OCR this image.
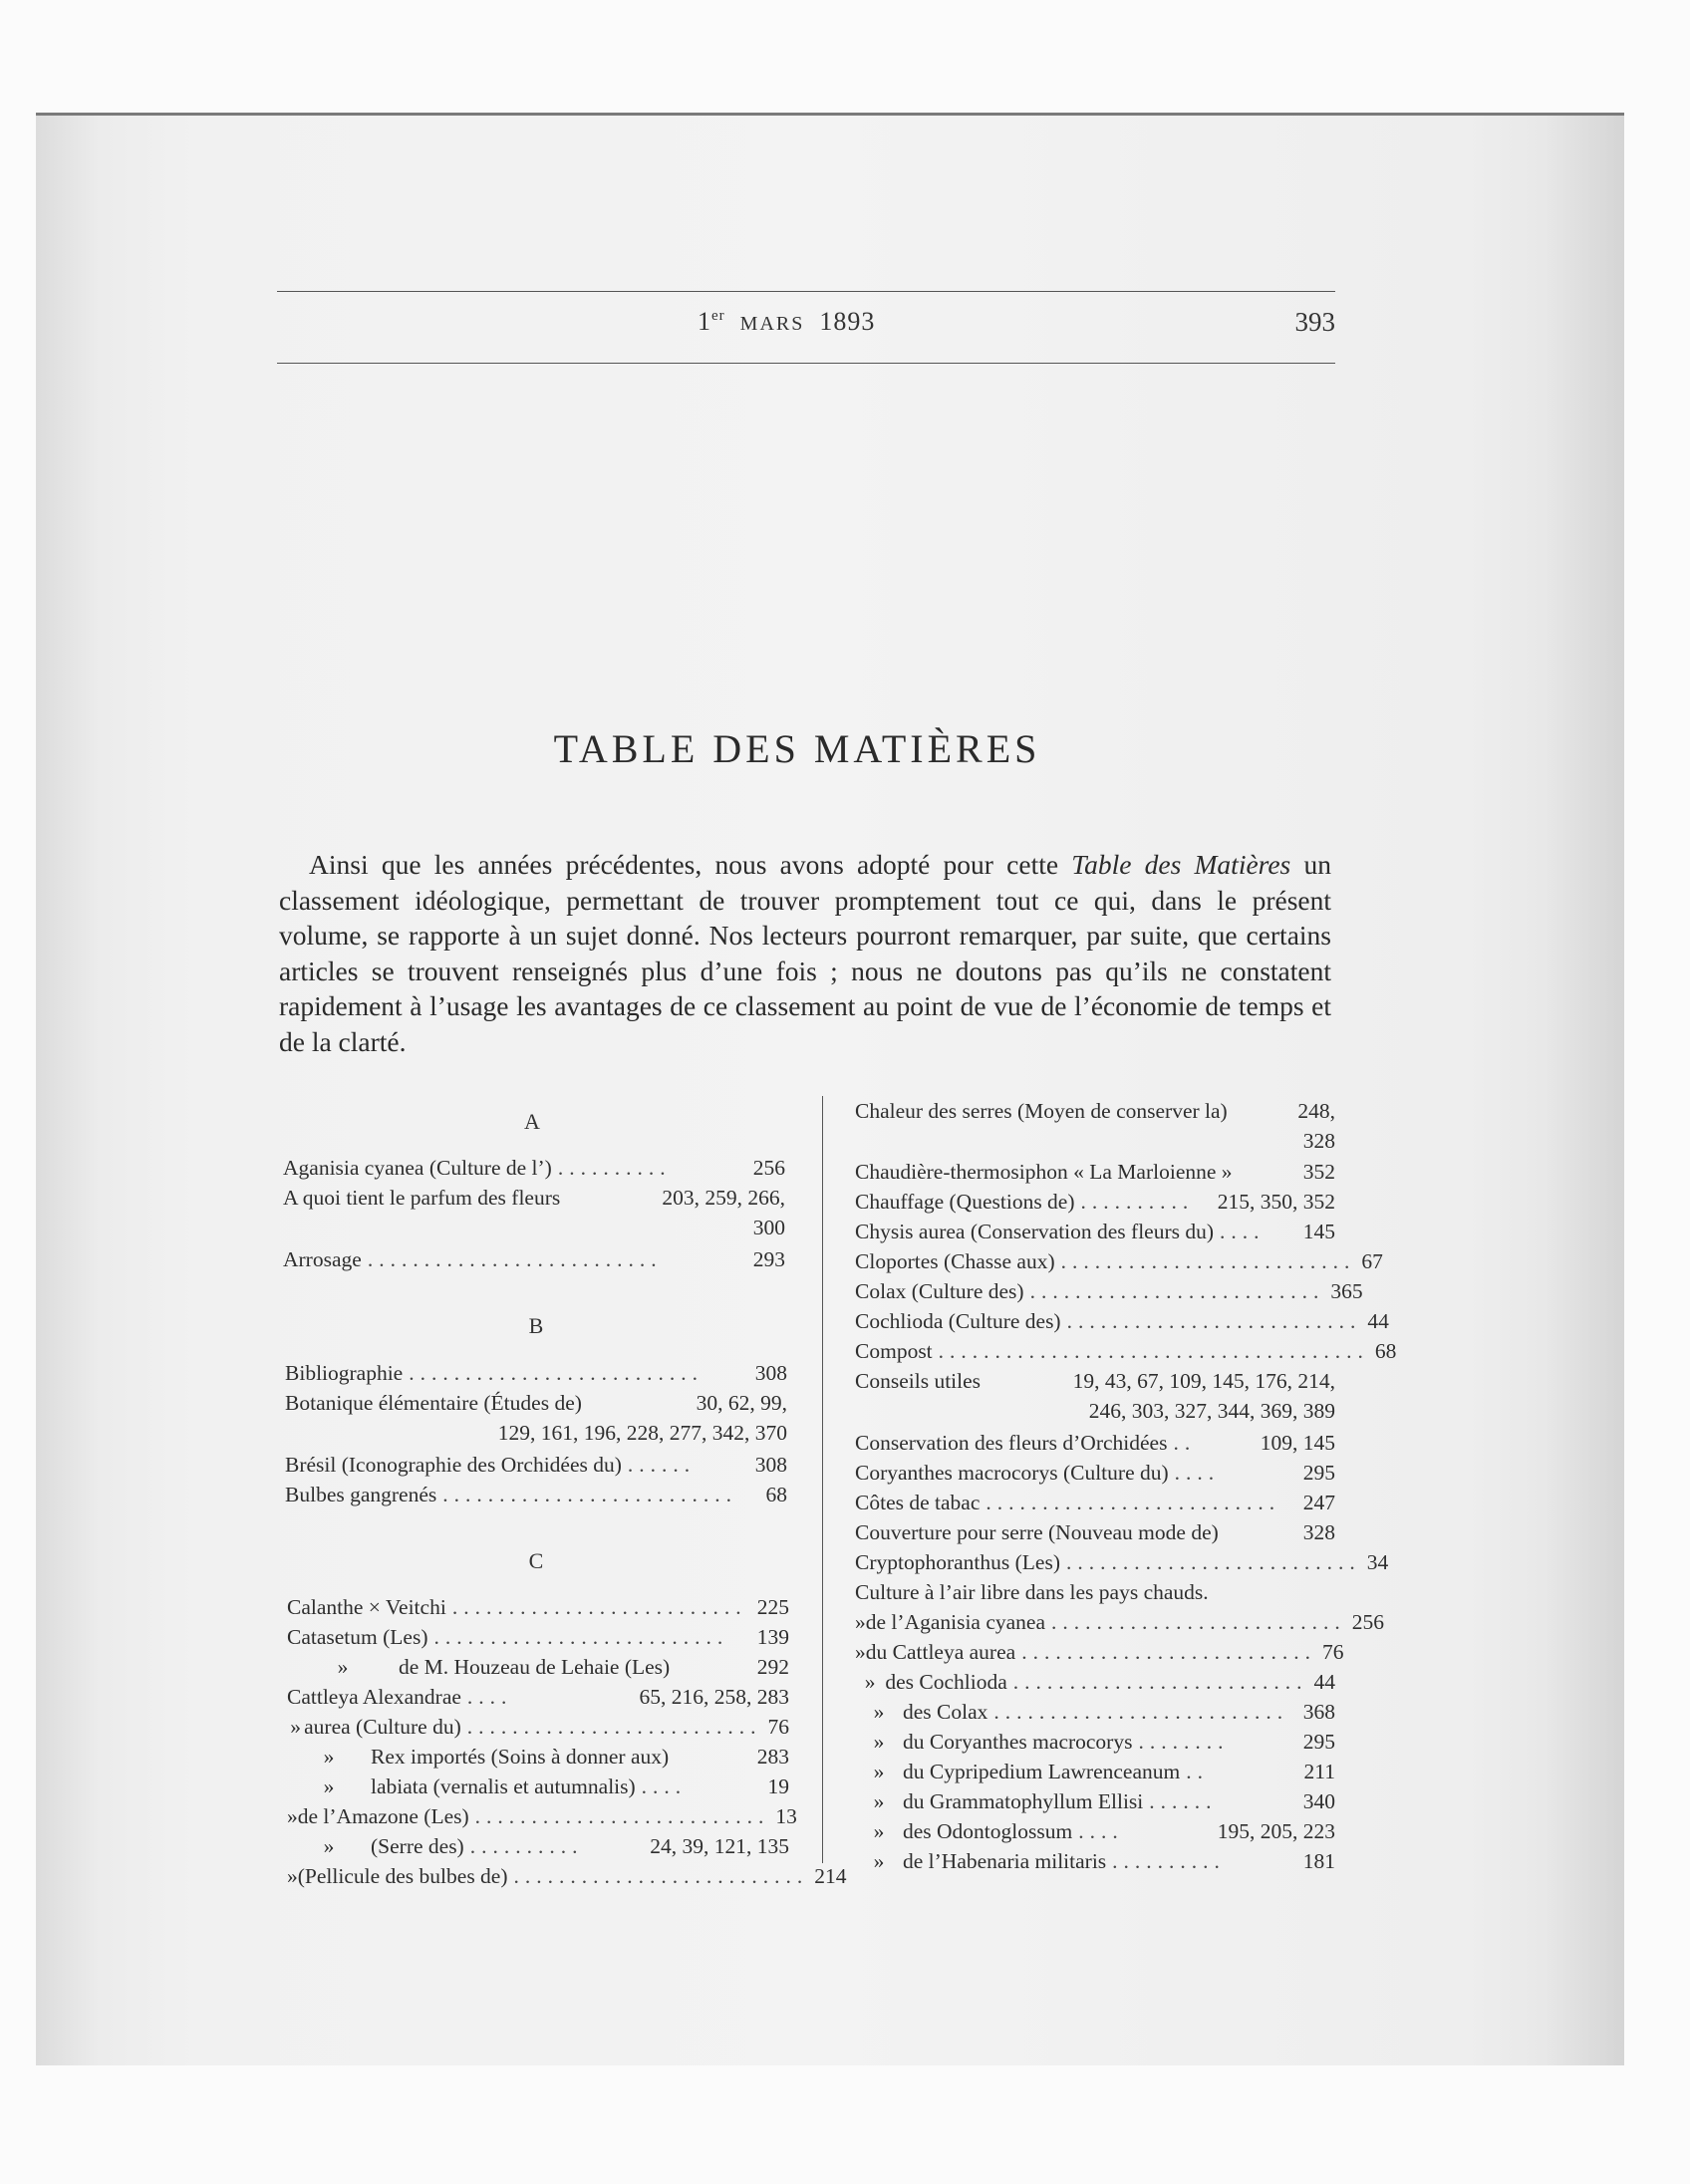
1er MARS 1893	393
TABLE DES MATIÈRES
Ainsi que les années précédentes, nous avons adopté pour cette Table des Matières un classement idéologique, permettant de trouver promptement tout ce qui, dans le présent volume, se rapporte à un sujet donné. Nos lecteurs pourront remarquer, par suite, que certains articles se trouvent renseignés plus d’une fois ; nous ne doutons pas qu’ils ne constatent rapidement à l’usage les avantages de ce classement au point de vue de l’économie de temps et de la clarté.
A
Aganisia cyanea (Culture de l’) ..........	256
A quoi tient le parfum des fleurs	203, 259, 266,
300
Arrosage ..........................	293
B
Bibliographie ..........................	308
Botanique élémentaire (Études de)	30, 62, 99,
129, 161, 196, 228, 277, 342, 370
Brésil (Iconographie des Orchidées du) ......	308
Bulbes gangrenés ..........................	68
C
Calanthe × Veitchi .......................... 225
Catasetum (Les) ..........................	139
»	de M. Houzeau de Lehaie (Les)	292
Cattleya Alexandrae ....	65, 216, 258, 283
» aurea (Culture du) .......................... 76
»	Rex importés (Soins à donner aux)	283
»	labiata (vernalis et autumnalis) ....	19
» de l’Amazone (Les) .......................... 13
»	(Serre des) ..........	24, 39, 121, 135
» (Pellicule des bulbes de) .......................... 214
Chaleur des serres (Moyen de conserver la)	248,
328
Chaudière-thermosiphon « La Marloienne »	352
Chauffage (Questions de) ..........	215, 350, 352
Chysis aurea (Conservation des fleurs du) ....	145
Cloportes (Chasse aux) .......................... 67
Colax (Culture des) .......................... 365
Cochlioda (Culture des) .......................... 44
Compost ...................................... 68
Conseils utiles	19, 43, 67, 109, 145, 176, 214,
246, 303, 327, 344, 369, 389
Conservation des fleurs d’Orchidées ..	109, 145
Coryanthes macrocorys (Culture du) ....	295
Côtes de tabac ..........................	247
Couverture pour serre (Nouveau mode de)	328
Cryptophoranthus (Les) .......................... 34
Culture à l’air libre dans les pays chauds.
» de l’Aganisia cyanea .......................... 256
» du Cattleya aurea .......................... 76
» des Cochlioda .......................... 44
» des Colax .......................... 368
» du Coryanthes macrocorys ........	295
» du Cypripedium Lawrenceanum ..	211
» du Grammatophyllum Ellisi ......	340
» des Odontoglossum ....	195, 205, 223
» de l’Habenaria militaris ..........	181
